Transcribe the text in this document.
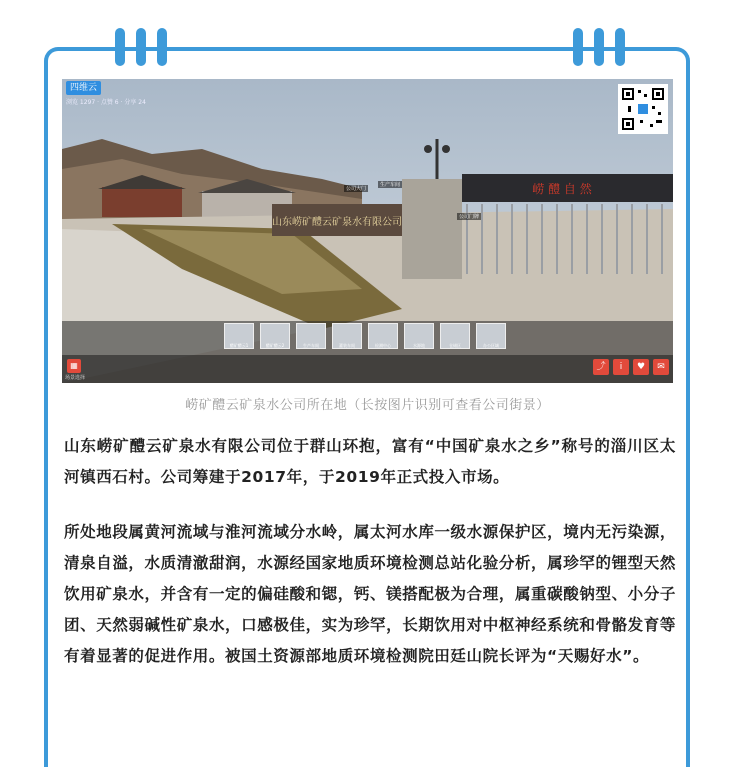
山东崂矿醴云矿泉水有限公司
崂 醴 自 然
公司大门
生产车间
公司门牌
四维云
浏览 1297 · 点赞 6 · 分享 24
醴矿醴云1	醴矿醴云2	生产车间	灌装车间	检测中心	水源地	仓储区	办公区域
▦
场景选择
⤴	i	♥	✉
崂矿醴云矿泉水公司所在地（长按图片识别可查看公司街景）

山东崂矿醴云矿泉水有限公司位于群山环抱，富有“中国矿泉水之乡”称号的淄川区太河镇西石村。公司筹建于2017年，于2019年正式投入市场。

所处地段属黄河流域与淮河流域分水岭，属太河水库一级水源保护区，境内无污染源，清泉自溢，水质清澈甜润，水源经国家地质环境检测总站化验分析，属珍罕的锂型天然饮用矿泉水，并含有一定的偏硅酸和锶，钙、镁搭配极为合理，属重碳酸钠型、小分子团、天然弱碱性矿泉水，口感极佳，实为珍罕，长期饮用对中枢神经系统和骨骼发育等有着显著的促进作用。被国土资源部地质环境检测院田廷山院长评为“天赐好水”。
